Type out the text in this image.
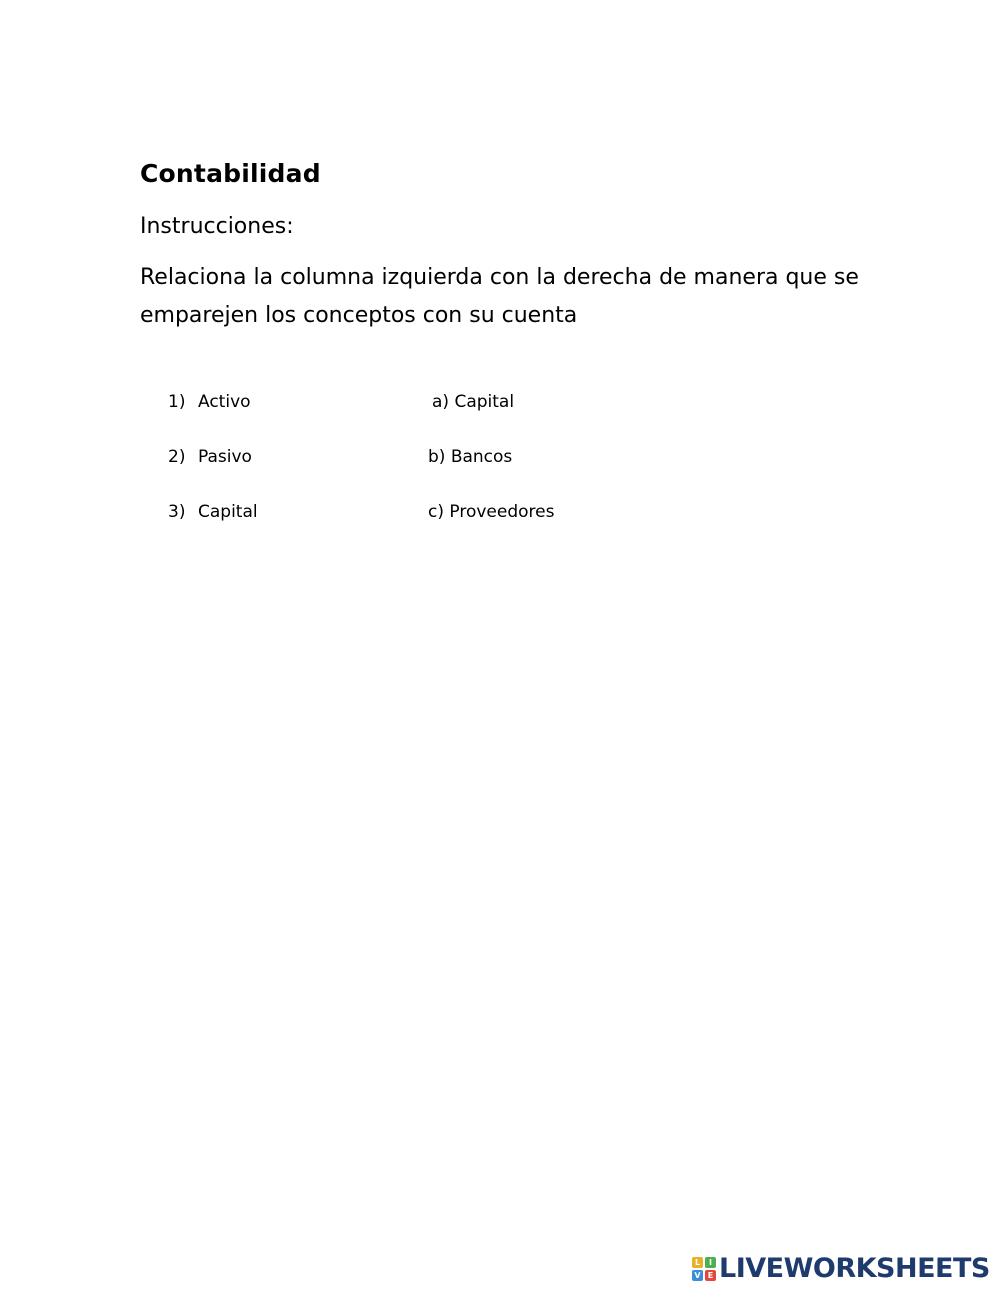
Contabilidad

Instrucciones:

Relaciona la columna izquierda con la derecha de manera que se emparejen los conceptos con su cuenta

1) Activo	a) Capital
2) Pasivo	b) Bancos
3) Capital	c) Proveedores
L	I
V E LIVEWORKSHEETS
